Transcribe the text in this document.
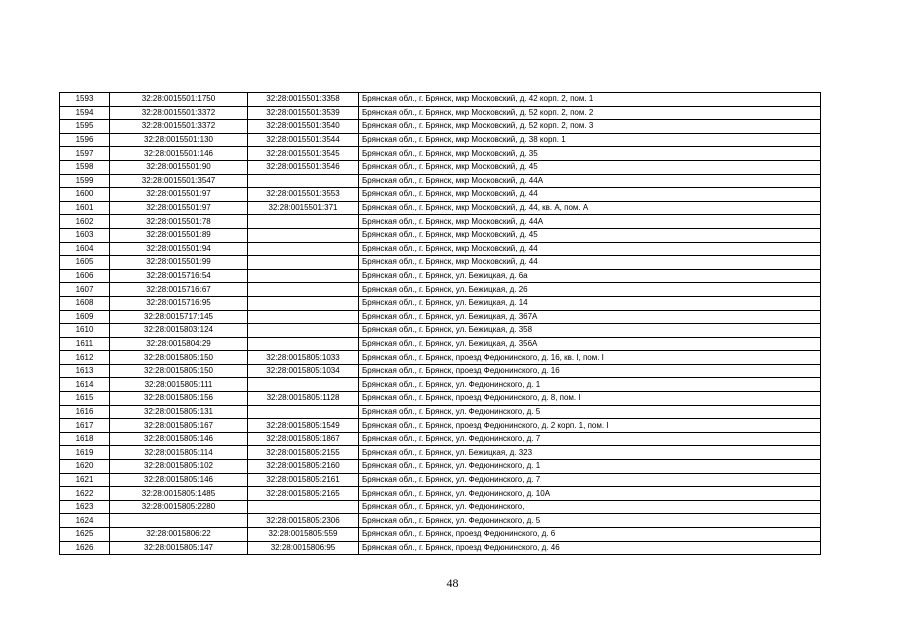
1593	32:28:0015501:1750	32:28:0015501:3358	Брянская обл., г. Брянск, мкр Московский, д. 42 корп. 2, пом. 1
1594	32:28:0015501:3372	32:28:0015501:3539	Брянская обл., г. Брянск, мкр Московский, д. 52 корп. 2, пом. 2
1595	32:28:0015501:3372	32:28:0015501:3540	Брянская обл., г. Брянск, мкр Московский, д. 52 корп. 2, пом. 3
1596	32:28:0015501:130	32:28:0015501:3544	Брянская обл., г. Брянск, мкр Московский, д. 38 корп. 1
1597	32:28:0015501:146	32:28:0015501:3545	Брянская обл., г. Брянск, мкр Московский, д. 35
1598	32:28:0015501:90	32:28:0015501:3546	Брянская обл., г. Брянск, мкр Московский, д. 45
1599	32:28:0015501:3547		Брянская обл., г. Брянск, мкр Московский, д. 44А
1600	32:28:0015501:97	32:28:0015501:3553	Брянская обл., г. Брянск, мкр Московский, д. 44
1601	32:28:0015501:97	32:28:0015501:371	Брянская обл., г. Брянск, мкр Московский, д. 44, кв. А, пом. А
1602	32:28:0015501:78		Брянская обл., г. Брянск, мкр Московский, д. 44А
1603	32:28:0015501:89		Брянская обл., г. Брянск, мкр Московский, д. 45
1604	32:28:0015501:94		Брянская обл., г. Брянск, мкр Московский, д. 44
1605	32:28:0015501:99		Брянская обл., г. Брянск, мкр Московский, д. 44
1606	32:28:0015716:54		Брянская обл., г. Брянск, ул. Бежицкая, д. 6а
1607	32:28:0015716:67		Брянская обл., г. Брянск, ул. Бежицкая, д. 26
1608	32:28:0015716:95		Брянская обл., г. Брянск, ул. Бежицкая, д. 14
1609	32:28:0015717:145		Брянская обл., г. Брянск, ул. Бежицкая, д. 367А
1610	32:28:0015803:124		Брянская обл., г. Брянск, ул. Бежицкая, д. 358
1611	32:28:0015804:29		Брянская обл., г. Брянск, ул. Бежицкая, д. 356А
1612	32:28:0015805:150	32:28:0015805:1033	Брянская обл., г. Брянск, проезд Федюнинского, д. 16, кв. I, пом. I
1613	32:28:0015805:150	32:28:0015805:1034	Брянская обл., г. Брянск, проезд Федюнинского, д. 16
1614	32:28:0015805:111		Брянская обл., г. Брянск, ул. Федюнинского, д. 1
1615	32:28:0015805:156	32:28:0015805:1128	Брянская обл., г. Брянск, проезд Федюнинского, д. 8, пом. I
1616	32:28:0015805:131		Брянская обл., г. Брянск, ул. Федюнинского, д. 5
1617	32:28:0015805:167	32:28:0015805:1549	Брянская обл., г. Брянск, проезд Федюнинского, д. 2 корп. 1, пом. I
1618	32:28:0015805:146	32:28:0015805:1867	Брянская обл., г. Брянск, ул. Федюнинского, д. 7
1619	32:28:0015805:114	32:28:0015805:2155	Брянская обл., г. Брянск, ул. Бежицкая, д. 323
1620	32:28:0015805:102	32:28:0015805:2160	Брянская обл., г. Брянск, ул. Федюнинского, д. 1
1621	32:28:0015805:146	32:28:0015805:2161	Брянская обл., г. Брянск, ул. Федюнинского, д. 7
1622	32:28:0015805:1485	32:28:0015805:2165	Брянская обл., г. Брянск, ул. Федюнинского, д. 10А
1623	32:28:0015805:2280		Брянская обл., г. Брянск, ул. Федюнинского,
1624		32:28:0015805:2306	Брянская обл., г. Брянск, ул. Федюнинского, д. 5
1625	32:28:0015806:22	32:28:0015805:559	Брянская обл., г. Брянск, проезд Федюнинского, д. 6
1626	32:28:0015805:147	32:28:0015806:95	Брянская обл., г. Брянск, проезд Федюнинского, д. 46
48
